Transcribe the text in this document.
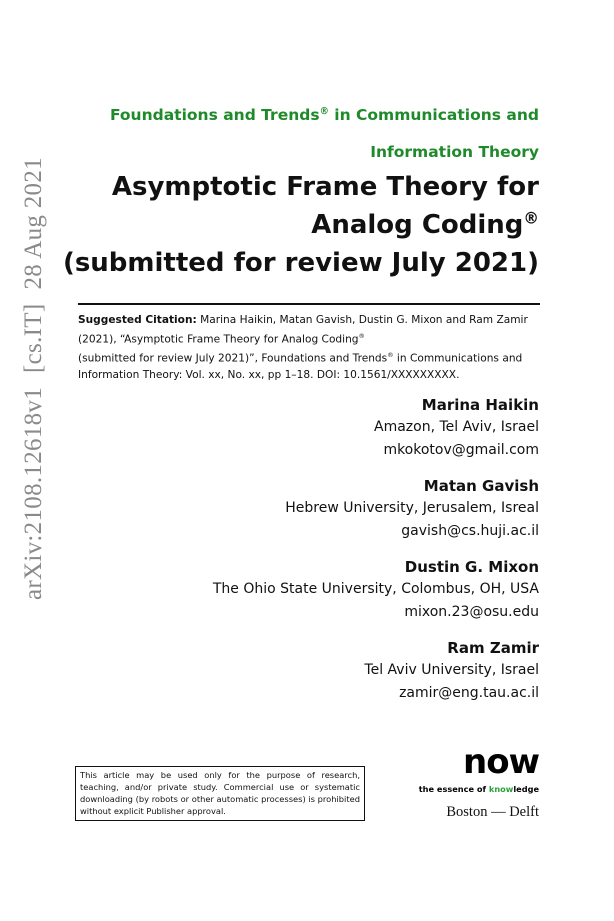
arXiv:2108.12618v1[cs.IT]28 Aug 2021
Foundations and Trends® in Communications and
Information Theory
Asymptotic Frame Theory for
Analog Coding®
(submitted for review July 2021)
Suggested Citation: Marina Haikin, Matan Gavish, Dustin G. Mixon and Ram Zamir (2021), “Asymptotic Frame Theory for Analog Coding®
(submitted for review July 2021)”, Foundations and Trends® in Communications and Information Theory: Vol. xx, No. xx, pp 1–18. DOI: 10.1561/XXXXXXXXX.
Marina Haikin
Amazon, Tel Aviv, Israel
mkokotov@gmail.com
Matan Gavish
Hebrew University, Jerusalem, Isreal
gavish@cs.huji.ac.il
Dustin G. Mixon
The Ohio State University, Colombus, OH, USA
mixon.23@osu.edu
Ram Zamir
Tel Aviv University, Israel
zamir@eng.tau.ac.il
This article may be used only for the purpose of research, teaching, and/or private study. Commercial use or systematic downloading (by robots or other automatic processes) is prohibited without explicit Publisher approval.
now
the essence of knowledge
Boston — Delft
